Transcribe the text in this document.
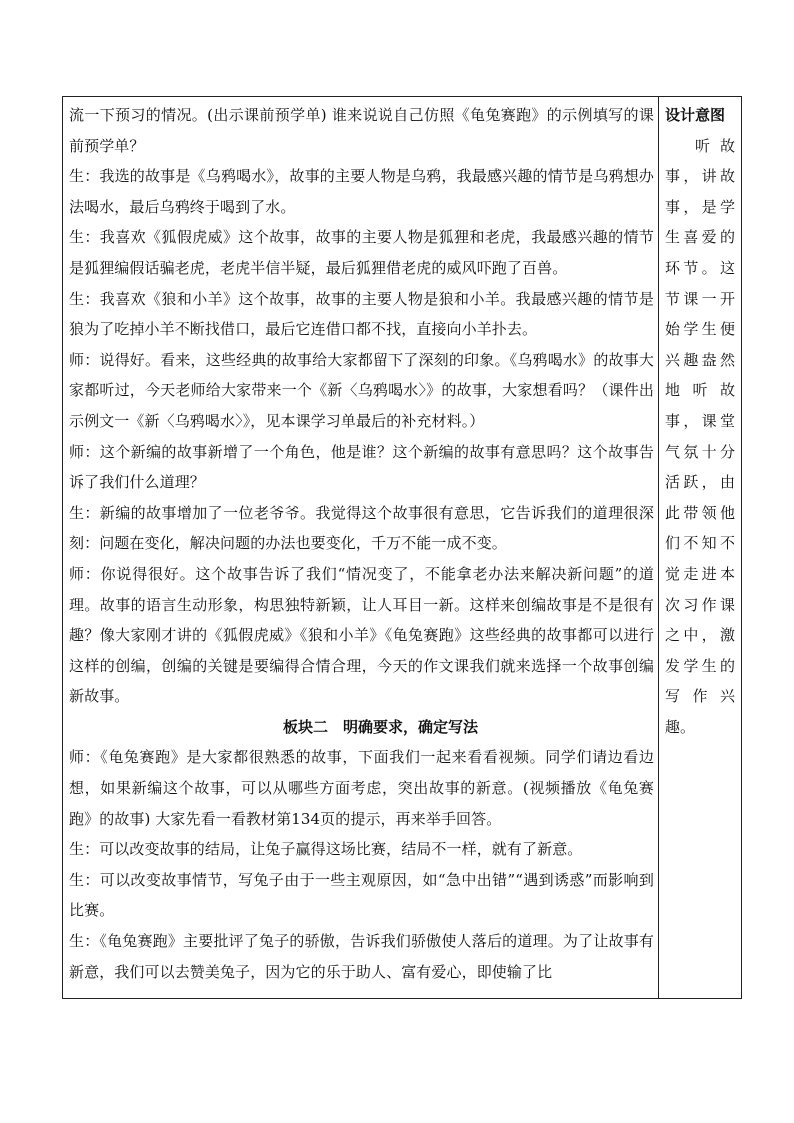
流一下预习的情况。(出示课前预学单) 谁来说说自己仿照《龟兔赛跑》的示例填写的课前预学单？

生：我选的故事是《乌鸦喝水》，故事的主要人物是乌鸦，我最感兴趣的情节是乌鸦想办法喝水，最后乌鸦终于喝到了水。

生：我喜欢《狐假虎威》这个故事，故事的主要人物是狐狸和老虎，我最感兴趣的情节是狐狸编假话骗老虎，老虎半信半疑，最后狐狸借老虎的威风吓跑了百兽。

生：我喜欢《狼和小羊》这个故事，故事的主要人物是狼和小羊。我最感兴趣的情节是狼为了吃掉小羊不断找借口，最后它连借口都不找，直接向小羊扑去。

师：说得好。看来，这些经典的故事给大家都留下了深刻的印象。《乌鸦喝水》的故事大家都听过，今天老师给大家带来一个《新〈乌鸦喝水〉》的故事，大家想看吗？（课件出示例文一《新〈乌鸦喝水〉》，见本课学习单最后的补充材料。）

师：这个新编的故事新增了一个角色，他是谁？这个新编的故事有意思吗？这个故事告诉了我们什么道理？

生：新编的故事增加了一位老爷爷。我觉得这个故事很有意思，它告诉我们的道理很深刻：问题在变化，解决问题的办法也要变化，千万不能一成不变。

师：你说得很好。这个故事告诉了我们“情况变了，不能拿老办法来解决新问题”的道理。故事的语言生动形象，构思独特新颖，让人耳目一新。这样来创编故事是不是很有趣？像大家刚才讲的《狐假虎威》《狼和小羊》《龟兔赛跑》这些经典的故事都可以进行这样的创编，创编的关键是要编得合情合理，今天的作文课我们就来选择一个故事创编新故事。

板块二　明确要求，确定写法

师：《龟兔赛跑》是大家都很熟悉的故事，下面我们一起来看看视频。同学们请边看边想，如果新编这个故事，可以从哪些方面考虑，突出故事的新意。(视频播放《龟兔赛跑》的故事) 大家先看一看教材第134页的提示，再来举手回答。

生：可以改变故事的结局，让兔子赢得这场比赛，结局不一样，就有了新意。

生：可以改变故事情节，写兔子由于一些主观原因，如“急中出错”“遇到诱惑”而影响到比赛。

生：《龟兔赛跑》主要批评了兔子的骄傲，告诉我们骄傲使人落后的道理。为了让故事有新意，我们可以去赞美兔子，因为它的乐于助人、富有爱心，即使输了比

设计意图

听故事，讲故事，是学生喜爱的环节。这节课一开始学生便兴趣盎然地听故事，课堂气氛十分活跃，由此带领他们不知不觉走进本次习作课之中，激发学生的写作兴趣。
